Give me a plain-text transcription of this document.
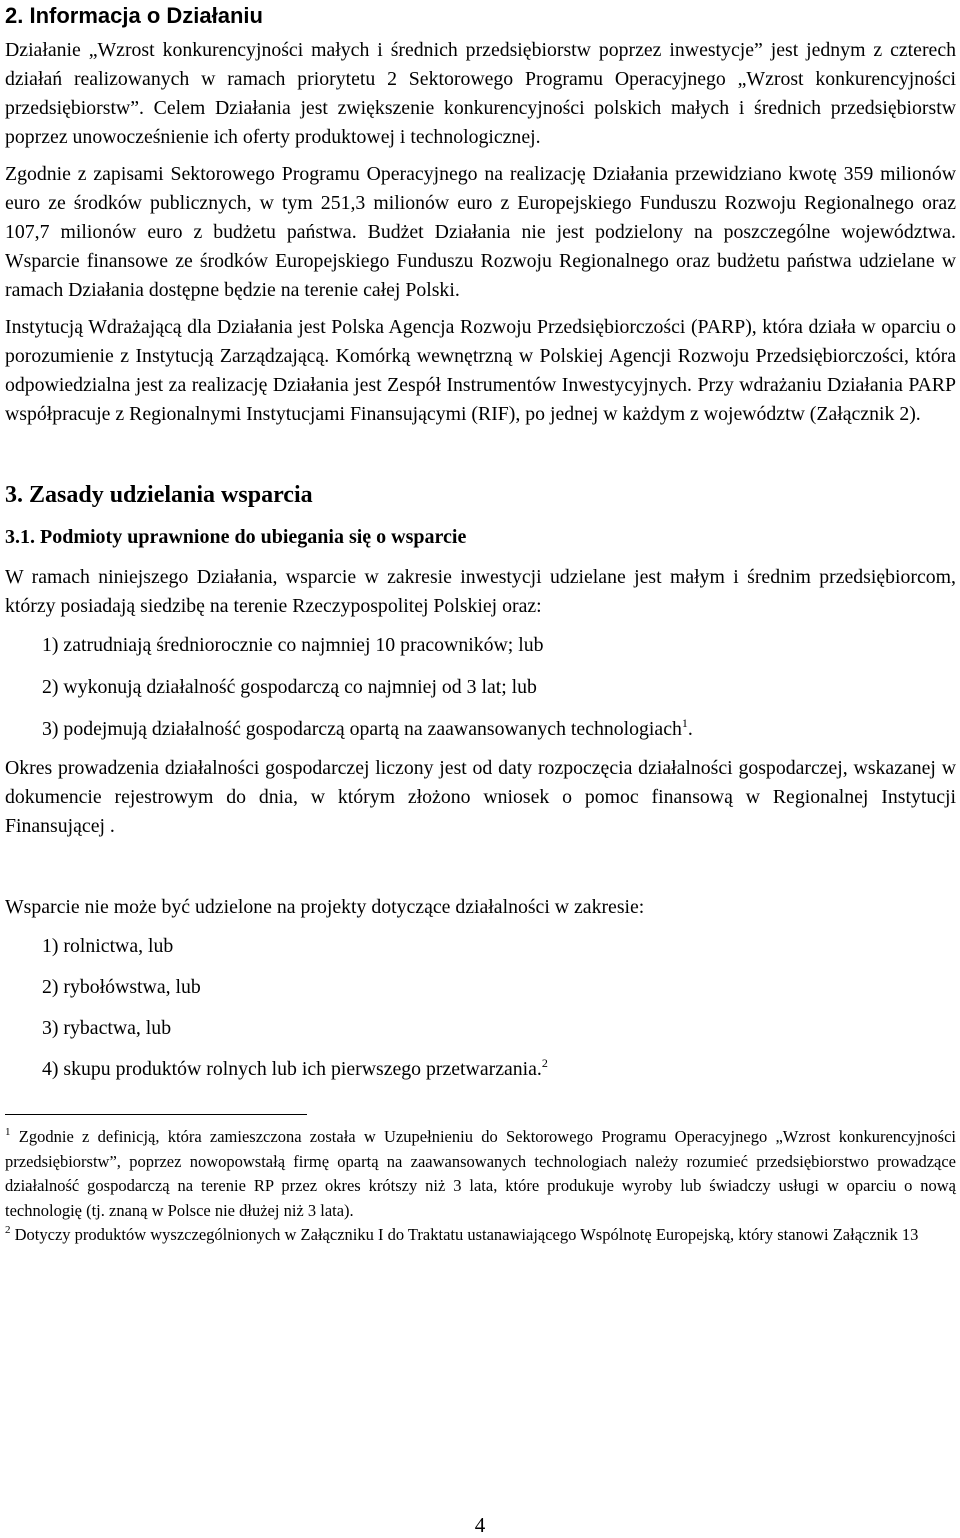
2. Informacja o Działaniu

Działanie „Wzrost konkurencyjności małych i średnich przedsiębiorstw poprzez inwestycje” jest jednym z czterech działań realizowanych w ramach priorytetu 2 Sektorowego Programu Operacyjnego „Wzrost konkurencyjności przedsiębiorstw”. Celem Działania jest zwiększenie konkurencyjności polskich małych i średnich przedsiębiorstw poprzez unowocześnienie ich oferty produktowej i technologicznej.

Zgodnie z zapisami Sektorowego Programu Operacyjnego na realizację Działania przewidziano kwotę 359 milionów euro ze środków publicznych, w tym 251,3 milionów euro z Europejskiego Funduszu Rozwoju Regionalnego oraz 107,7 milionów euro z budżetu państwa. Budżet Działania nie jest podzielony na poszczególne województwa. Wsparcie finansowe ze środków Europejskiego Funduszu Rozwoju Regionalnego oraz budżetu państwa udzielane w ramach Działania dostępne będzie na terenie całej Polski.

Instytucją Wdrażającą dla Działania jest Polska Agencja Rozwoju Przedsiębiorczości (PARP), która działa w oparciu o porozumienie z Instytucją Zarządzającą. Komórką wewnętrzną w Polskiej Agencji Rozwoju Przedsiębiorczości, która odpowiedzialna jest za realizację Działania jest Zespół Instrumentów Inwestycyjnych. Przy wdrażaniu Działania PARP współpracuje z Regionalnymi Instytucjami Finansującymi (RIF), po jednej w każdym z województw (Załącznik 2).

3. Zasady udzielania wsparcia
3.1. Podmioty uprawnione do ubiegania się o wsparcie

W ramach niniejszego Działania, wsparcie w zakresie inwestycji udzielane jest małym i średnim przedsiębiorcom, którzy posiadają siedzibę na terenie Rzeczypospolitej Polskiej oraz:

1) zatrudniają średniorocznie co najmniej 10 pracowników; lub

2) wykonują działalność gospodarczą co najmniej od 3 lat; lub

3) podejmują działalność gospodarczą opartą na zaawansowanych technologiach$^1$.

Okres prowadzenia działalności gospodarczej liczony jest od daty rozpoczęcia działalności gospodarczej, wskazanej w dokumencie rejestrowym do dnia, w którym złożono wniosek o pomoc finansową w Regionalnej Instytucji Finansującej .

Wsparcie nie może być udzielone na projekty dotyczące działalności w zakresie:

1) rolnictwa, lub

2) rybołówstwa, lub

3) rybactwa, lub

4) skupu produktów rolnych lub ich pierwszego przetwarzania.$^2$

$^1$ Zgodnie z definicją, która zamieszczona została w Uzupełnieniu do Sektorowego Programu Operacyjnego „Wzrost konkurencyjności przedsiębiorstw”, poprzez nowopowstałą firmę opartą na zaawansowanych technologiach należy rozumieć przedsiębiorstwo prowadzące działalność gospodarczą na terenie RP przez okres krótszy niż 3 lata, które produkuje wyroby lub świadczy usługi w oparciu o nową technologię (tj. znaną w Polsce nie dłużej niż 3 lata).

$^2$ Dotyczy produktów wyszczególnionych w Załączniku I do Traktatu ustanawiającego Wspólnotę Europejską, który stanowi Załącznik 13

4
